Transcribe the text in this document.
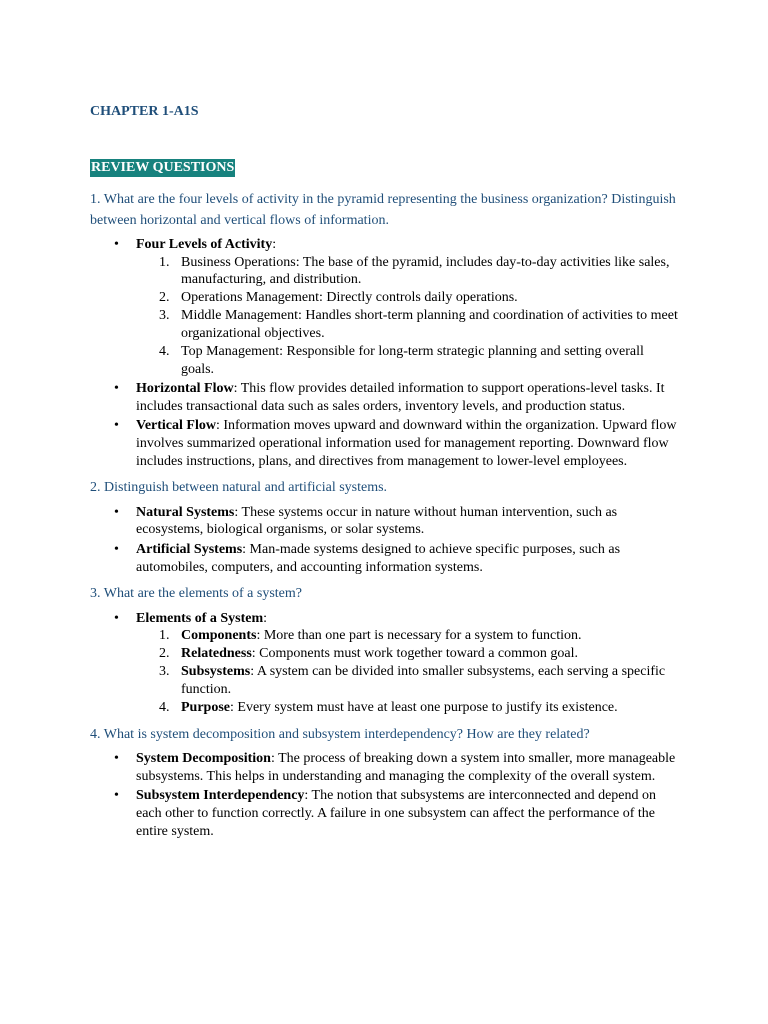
CHAPTER 1-A1S
REVIEW QUESTIONS

1. What are the four levels of activity in the pyramid representing the business organization? Distinguish between horizontal and vertical flows of information.

• Four Levels of Activity:
1. Business Operations: The base of the pyramid, includes day-to-day activities like sales, manufacturing, and distribution.
2. Operations Management: Directly controls daily operations.
3. Middle Management: Handles short-term planning and coordination of activities to meet organizational objectives.
4. Top Management: Responsible for long-term strategic planning and setting overall goals.
• Horizontal Flow: This flow provides detailed information to support operations-level tasks. It includes transactional data such as sales orders, inventory levels, and production status.
• Vertical Flow: Information moves upward and downward within the organization. Upward flow involves summarized operational information used for management reporting. Downward flow includes instructions, plans, and directives from management to lower-level employees.

2. Distinguish between natural and artificial systems.

• Natural Systems: These systems occur in nature without human intervention, such as ecosystems, biological organisms, or solar systems.
• Artificial Systems: Man-made systems designed to achieve specific purposes, such as automobiles, computers, and accounting information systems.

3. What are the elements of a system?

• Elements of a System:
1. Components: More than one part is necessary for a system to function.
2. Relatedness: Components must work together toward a common goal.
3. Subsystems: A system can be divided into smaller subsystems, each serving a specific function.
4. Purpose: Every system must have at least one purpose to justify its existence.

4. What is system decomposition and subsystem interdependency? How are they related?

• System Decomposition: The process of breaking down a system into smaller, more manageable subsystems. This helps in understanding and managing the complexity of the overall system.
• Subsystem Interdependency: The notion that subsystems are interconnected and depend on each other to function correctly. A failure in one subsystem can affect the performance of the entire system.
